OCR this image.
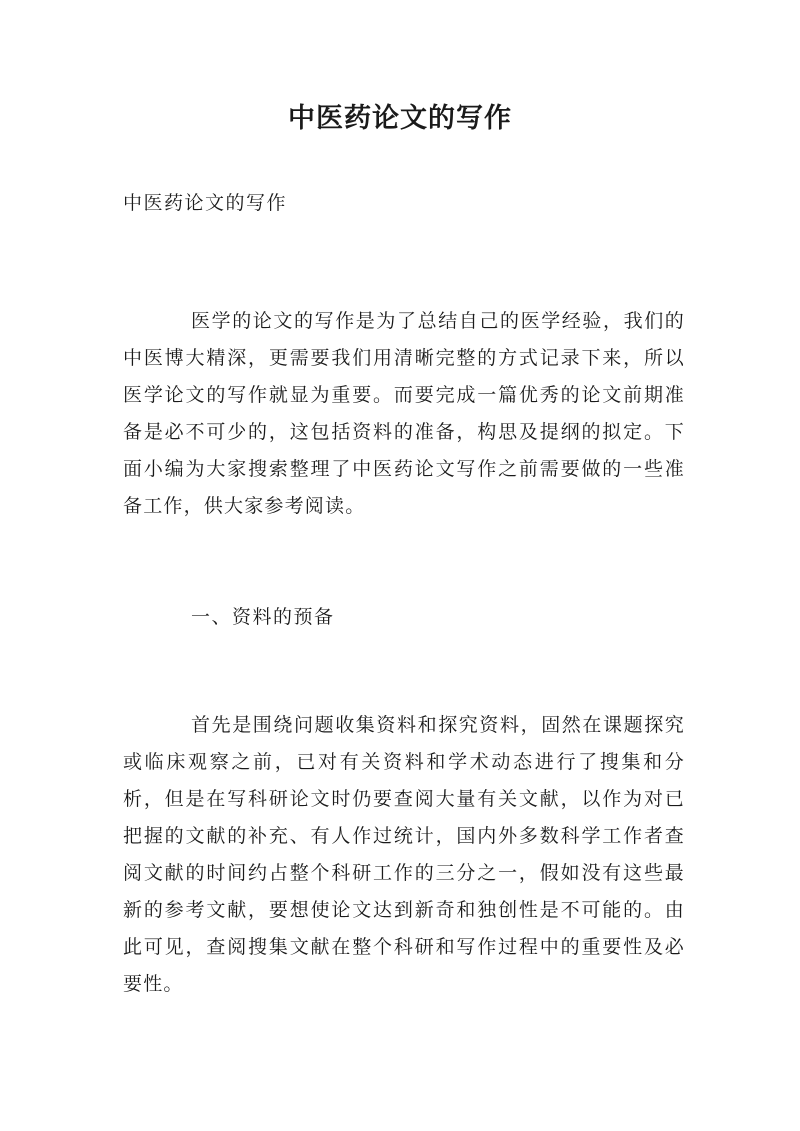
中医药论文的写作

中医药论文的写作

医学的论文的写作是为了总结自己的医学经验，我们的中医博大精深，更需要我们用清晰完整的方式记录下来，所以医学论文的写作就显为重要。而要完成一篇优秀的论文前期准备是必不可少的，这包括资料的准备，构思及提纲的拟定。下面小编为大家搜索整理了中医药论文写作之前需要做的一些准备工作，供大家参考阅读。

一、资料的预备

首先是围绕问题收集资料和探究资料，固然在课题探究或临床观察之前，已对有关资料和学术动态进行了搜集和分析，但是在写科研论文时仍要查阅大量有关文献，以作为对已把握的文献的补充、有人作过统计，国内外多数科学工作者查阅文献的时间约占整个科研工作的三分之一，假如没有这些最新的参考文献，要想使论文达到新奇和独创性是不可能的。由此可见，查阅搜集文献在整个科研和写作过程中的重要性及必要性。
